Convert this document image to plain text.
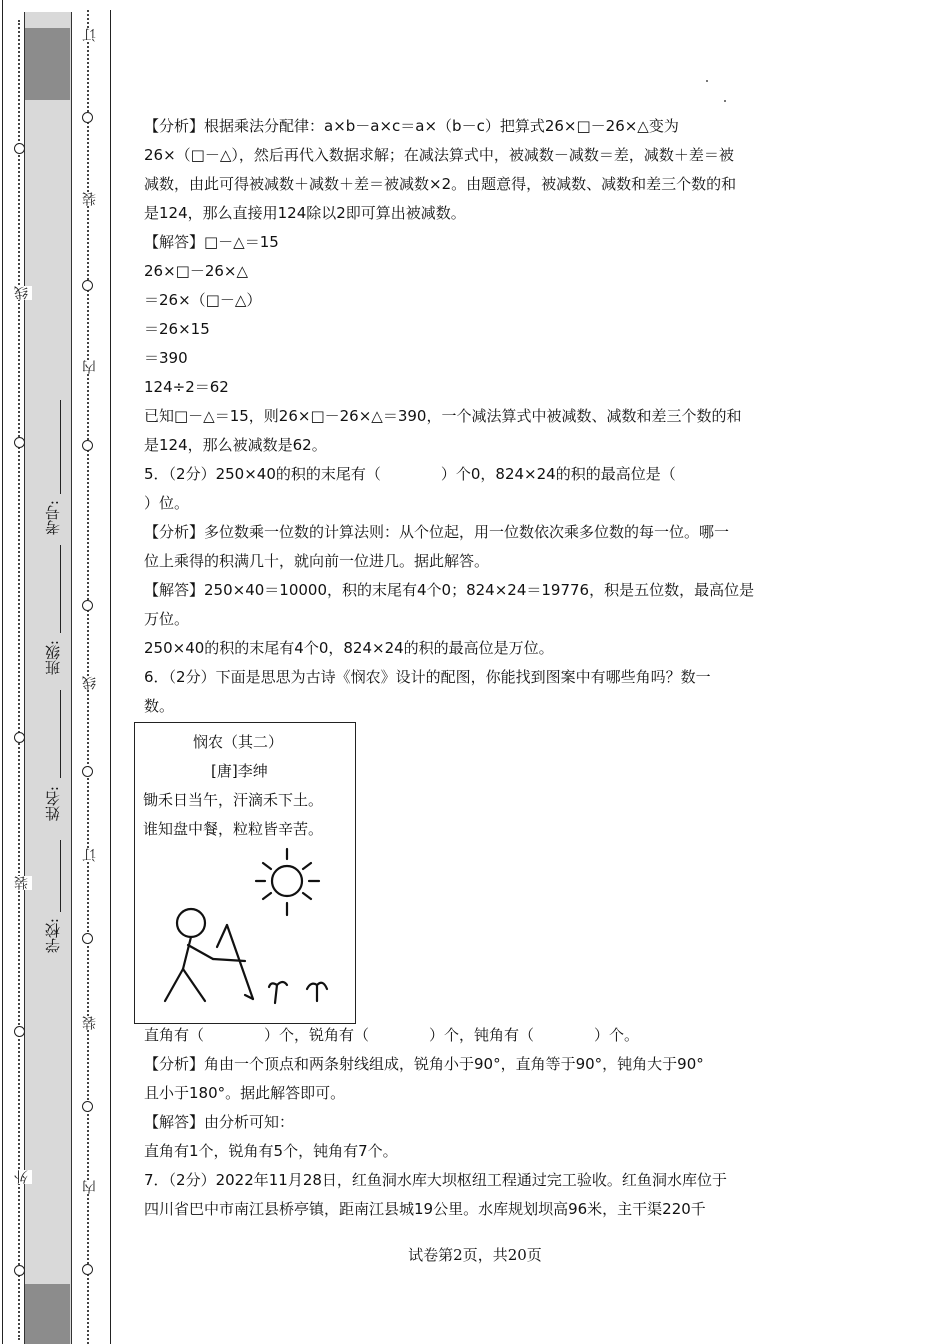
线
装
外
学校:
姓名:
班级:
考号:
订
装
内
线
订
装
内
【分析】根据乘法分配律：a×b－a×c＝a×（b－c）把算式26×□－26×△变为
26×（□－△），然后再代入数据求解；在减法算式中，被减数－减数＝差，减数＋差＝被
减数，由此可得被减数＋减数＋差＝被减数×2。由题意得，被减数、减数和差三个数的和
是124，那么直接用124除以2即可算出被减数。
【解答】□－△＝15
26×□－26×△
＝26×（□－△）
＝26×15
＝390
124÷2＝62
已知□－△＝15，则26×□－26×△＝390，一个减法算式中被减数、减数和差三个数的和
是124，那么被减数是62。
5．（2分）250×40的积的末尾有（　　　　）个0，824×24的积的最高位是（
）位。
【分析】多位数乘一位数的计算法则：从个位起，用一位数依次乘多位数的每一位。哪一
位上乘得的积满几十，就向前一位进几。据此解答。
【解答】250×40＝10000，积的末尾有4个0；824×24＝19776，积是五位数，最高位是
万位。
250×40的积的末尾有4个0，824×24的积的最高位是万位。
6．（2分）下面是思思为古诗《悯农》设计的配图，你能找到图案中有哪些角吗？数一
数。
悯农（其二）
[唐]李绅
锄禾日当午，汗滴禾下土。
谁知盘中餐，粒粒皆辛苦。
直角有（　　　　）个，锐角有（　　　　）个，钝角有（　　　　）个。
【分析】角由一个顶点和两条射线组成，锐角小于90°，直角等于90°，钝角大于90°
且小于180°。据此解答即可。
【解答】由分析可知：
直角有1个，锐角有5个，钝角有7个。
7．（2分）2022年11月28日，红鱼洞水库大坝枢纽工程通过完工验收。红鱼洞水库位于
四川省巴中市南江县桥亭镇，距南江县城19公里。水库规划坝高96米，主干渠220千
试卷第2页，共20页
